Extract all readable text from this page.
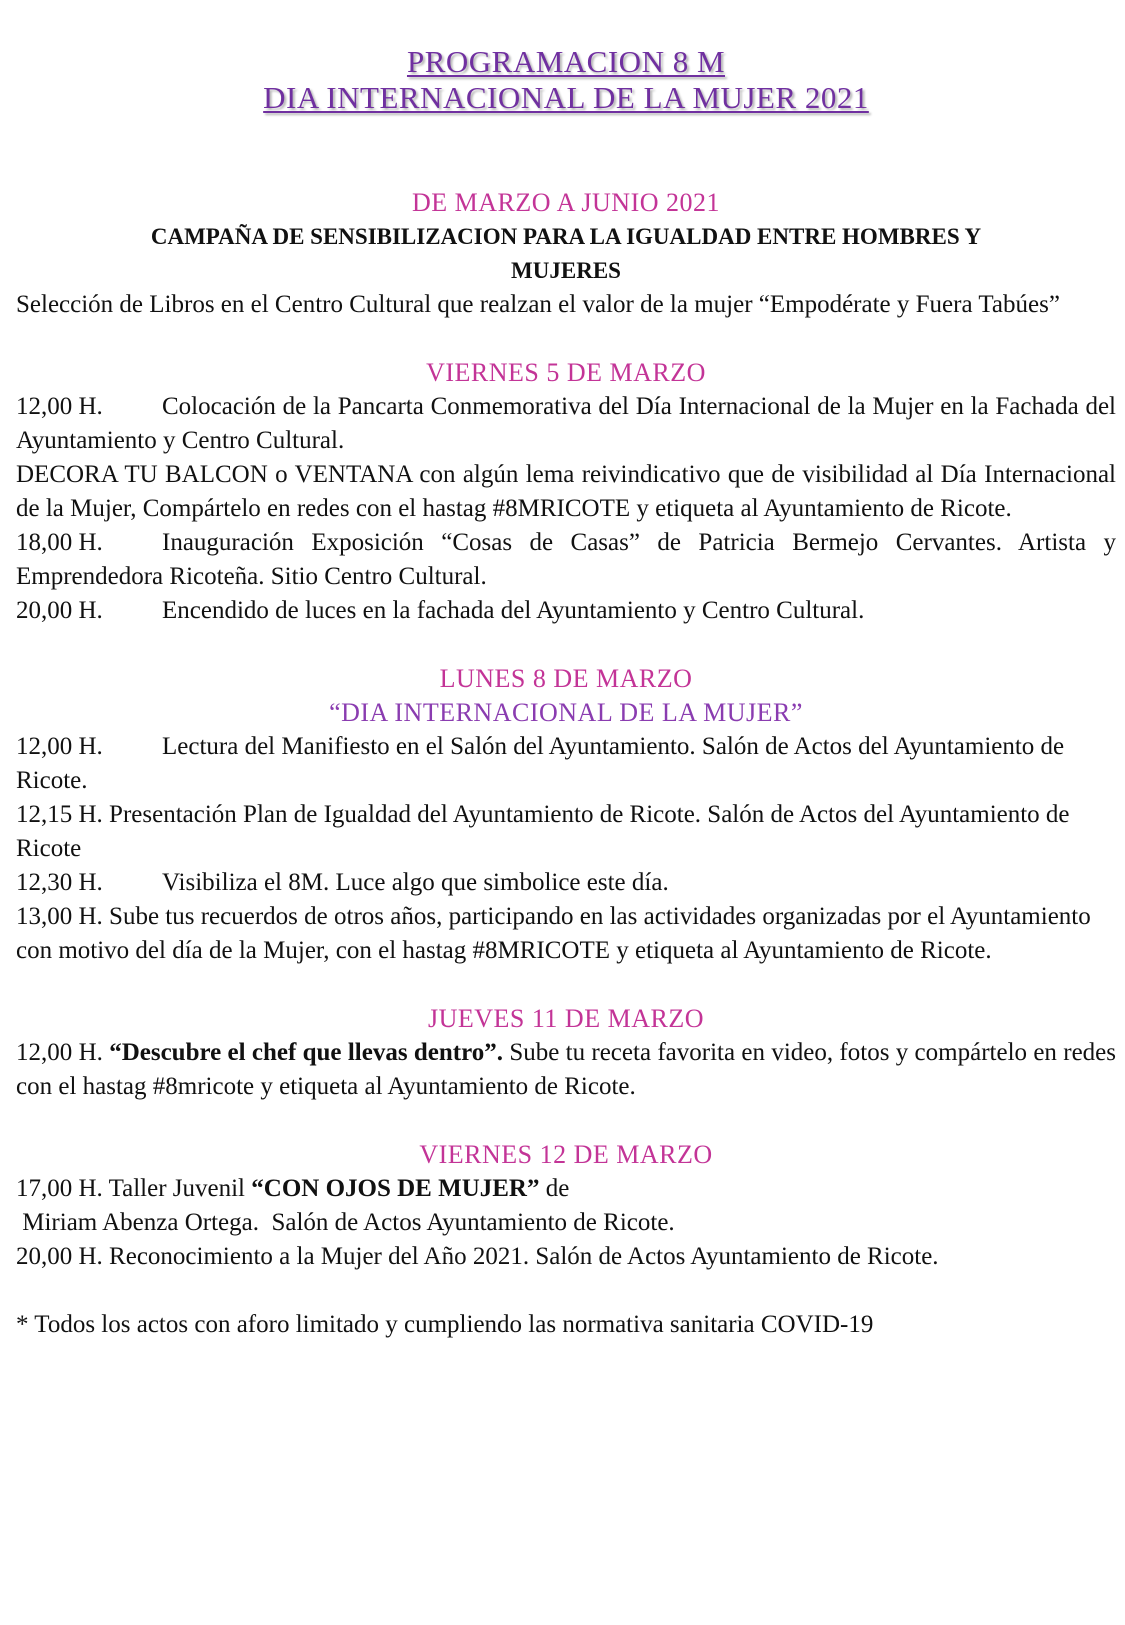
PROGRAMACION 8 M
DIA INTERNACIONAL DE LA MUJER 2021
DE MARZO A JUNIO 2021
CAMPAÑA DE SENSIBILIZACION PARA LA IGUALDAD ENTRE HOMBRES Y
MUJERES
Selección de Libros en el Centro Cultural que realzan el valor de la mujer “Empodérate y Fuera Tabúes”
VIERNES 5 DE MARZO
12,00 H. Colocación de la Pancarta Conmemorativa del Día Internacional de la Mujer en la Fachada del Ayuntamiento y Centro Cultural.
DECORA TU BALCON o VENTANA con algún lema reivindicativo que de visibilidad al Día Internacional de la Mujer, Compártelo en redes con el hastag #8MRICOTE y etiqueta al Ayuntamiento de Ricote.
18,00 H. Inauguración Exposición “Cosas de Casas” de Patricia Bermejo Cervantes. Artista y Emprendedora Ricoteña. Sitio Centro Cultural.
20,00 H. Encendido de luces en la fachada del Ayuntamiento y Centro Cultural.
LUNES 8 DE MARZO
“DIA INTERNACIONAL DE LA MUJER”
12,00 H. Lectura del Manifiesto en el Salón del Ayuntamiento. Salón de Actos del Ayuntamiento de Ricote.
12,15 H. Presentación Plan de Igualdad del Ayuntamiento de Ricote. Salón de Actos del Ayuntamiento de Ricote
12,30 H. Visibiliza el 8M. Luce algo que simbolice este día.
13,00 H. Sube tus recuerdos de otros años, participando en las actividades organizadas por el Ayuntamiento con motivo del día de la Mujer, con el hastag #8MRICOTE y etiqueta al Ayuntamiento de Ricote.
JUEVES 11 DE MARZO
12,00 H. “Descubre el chef que llevas dentro”. Sube tu receta favorita en video, fotos y compártelo en redes con el hastag #8mricote y etiqueta al Ayuntamiento de Ricote.
VIERNES 12 DE MARZO
17,00 H. Taller Juvenil “CON OJOS DE MUJER” de
Miriam Abenza Ortega.  Salón de Actos Ayuntamiento de Ricote.
20,00 H. Reconocimiento a la Mujer del Año 2021. Salón de Actos Ayuntamiento de Ricote.
* Todos los actos con aforo limitado y cumpliendo las normativa sanitaria COVID-19
